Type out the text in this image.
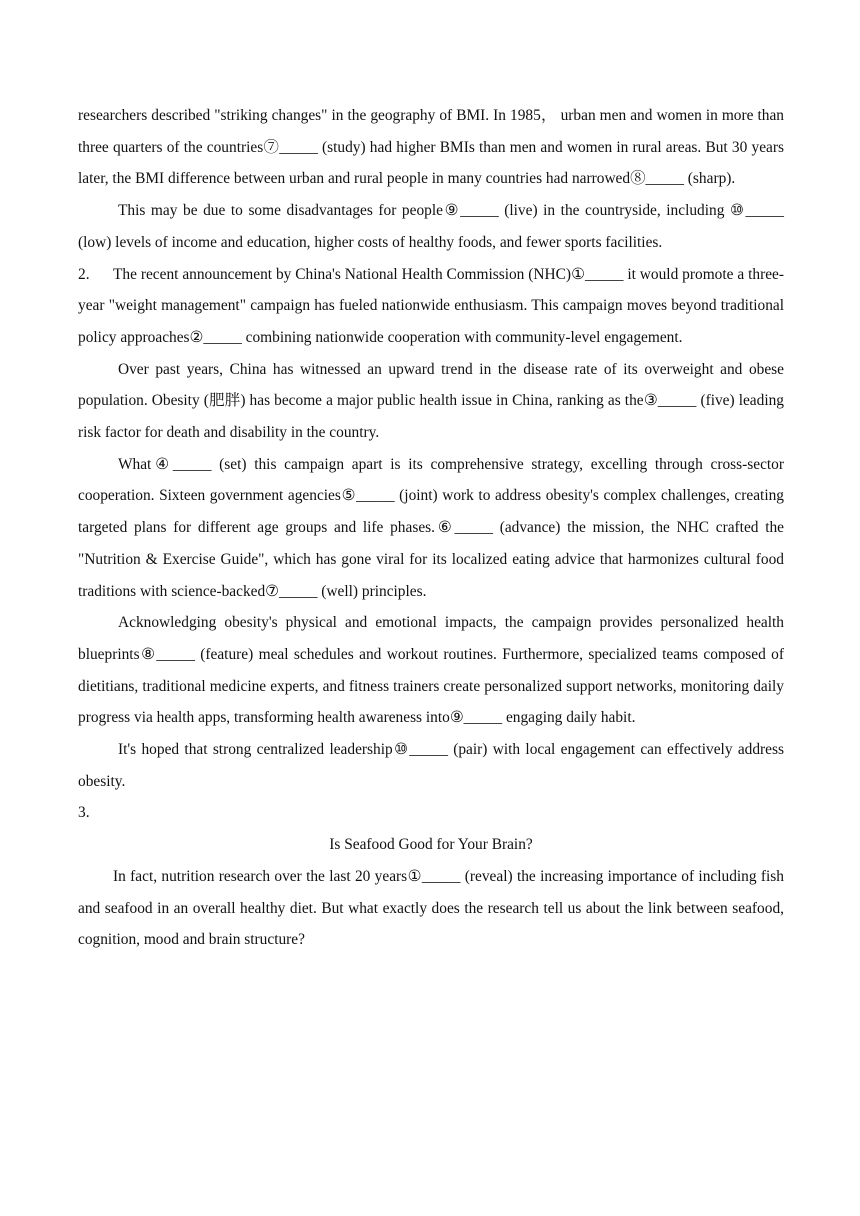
researchers described "striking changes" in the geography of BMI. In 1985， urban men and women in more than three quarters of the countries⑦_____ (study) had higher BMIs than men and women in rural areas. But 30 years later, the BMI difference between urban and rural people in many countries had narrowed⑧_____ (sharp).

This may be due to some disadvantages for people⑨_____ (live) in the countryside, including ⑩_____ (low) levels of income and education, higher costs of healthy foods, and fewer sports facilities.

2. The recent announcement by China's National Health Commission (NHC)①_____ it would promote a three-year "weight management" campaign has fueled nationwide enthusiasm. This campaign moves beyond traditional policy approaches②_____ combining nationwide cooperation with community-level engagement.

Over past years, China has witnessed an upward trend in the disease rate of its overweight and obese population. Obesity (肥胖) has become a major public health issue in China, ranking as the③_____ (five) leading risk factor for death and disability in the country.

What④_____ (set) this campaign apart is its comprehensive strategy, excelling through cross-sector cooperation. Sixteen government agencies⑤_____ (joint) work to address obesity's complex challenges, creating targeted plans for different age groups and life phases.⑥_____ (advance) the mission, the NHC crafted the "Nutrition & Exercise Guide", which has gone viral for its localized eating advice that harmonizes cultural food traditions with science-backed⑦_____ (well) principles.

Acknowledging obesity's physical and emotional impacts, the campaign provides personalized health blueprints⑧_____ (feature) meal schedules and workout routines. Furthermore, specialized teams composed of dietitians, traditional medicine experts, and fitness trainers create personalized support networks, monitoring daily progress via health apps, transforming health awareness into⑨_____ engaging daily habit.

It's hoped that strong centralized leadership⑩_____ (pair) with local engagement can effectively address obesity.

3.

Is Seafood Good for Your Brain?

In fact, nutrition research over the last 20 years①_____ (reveal) the increasing importance of including fish and seafood in an overall healthy diet. But what exactly does the research tell us about the link between seafood, cognition, mood and brain structure?
